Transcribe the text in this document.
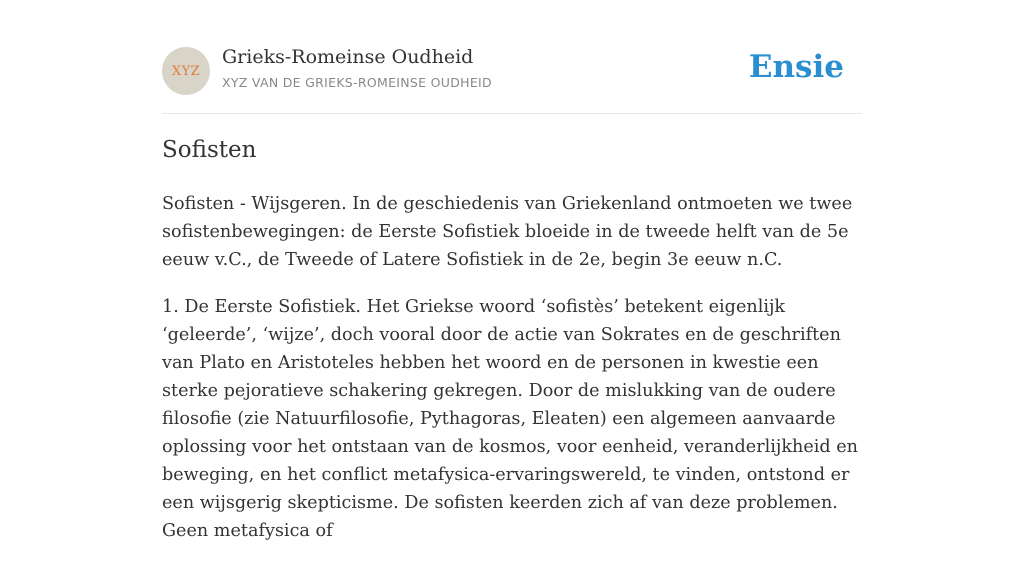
XYZ
Grieks-Romeinse Oudheid
XYZ VAN DE GRIEKS-ROMEINSE OUDHEID	Ensie
Sofisten

Sofisten - Wijsgeren. In de geschiedenis van Griekenland ontmoeten we twee sofistenbewegingen: de Eerste Sofistiek bloeide in de tweede helft van de 5e eeuw v.C., de Tweede of Latere Sofistiek in de 2e, begin 3e eeuw n.C.

1. De Eerste Sofistiek. Het Griekse woord ‘sofistès’ betekent eigenlijk ‘geleerde’, ‘wijze’, doch vooral door de actie van Sokrates en de geschriften van Plato en Aristoteles hebben het woord en de personen in kwestie een sterke pejoratieve schakering gekregen. Door de mislukking van de oudere filosofie (zie Natuurfilosofie, Pythagoras, Eleaten) een algemeen aanvaarde oplossing voor het ontstaan van de kosmos, voor eenheid, veranderlijkheid en beweging, en het conflict metafysica-ervaringswereld, te vinden, ontstond er een wijsgerig skepticisme. De sofisten keerden zich af van deze problemen. Geen metafysica of
